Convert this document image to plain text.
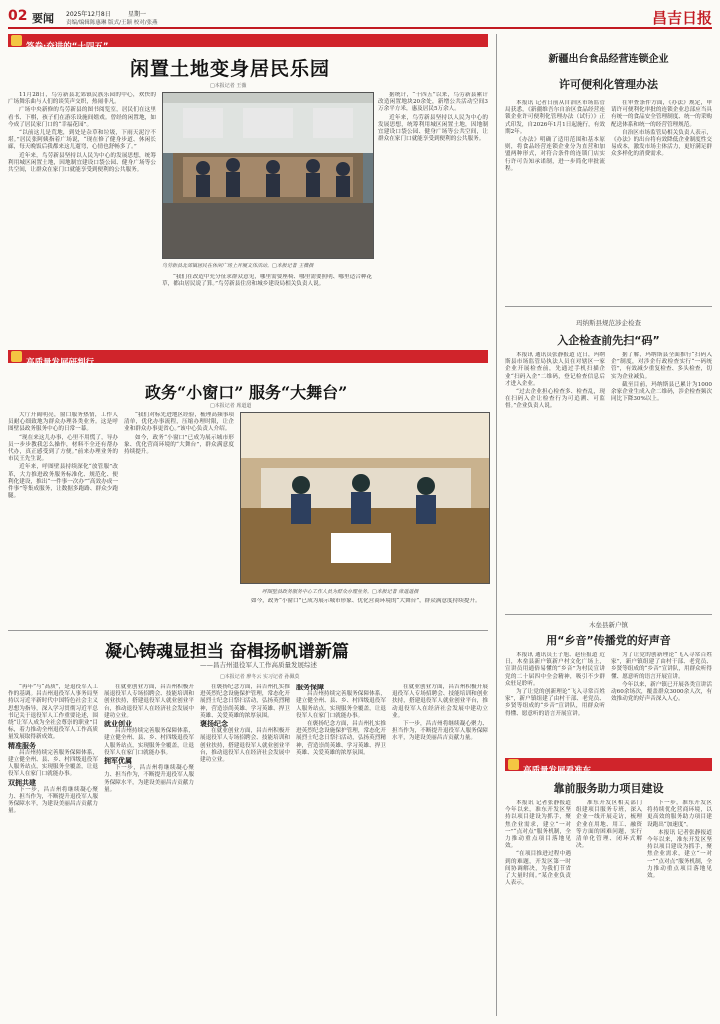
02 要闻 2025年12月8日	星期一
责编/编辑陈惠琳 版式/王颖 校对/张燕	昌吉日报
答卷·奋进的“十四五”
闲置土地变身居民乐园
□本报记者 王薇

11月28日，鸟劳新县北郊镇民族乐园的中心，欢快的广场舞乐曲与人们的谈笑声交织，热闹非凡。

广场中央新修的鸟劳新县的图书阅览室，居民们在这里看书、下棋，孩子们在游乐设施间嬉戏。曾经的闲置地，如今成了居民家门口的“幸福花园”。

“以前这儿是荒地，到处是杂草和垃圾，下雨天泥泞不堪。”居民张阿姨指着广场说，“现在修了健身步道、休闲长廊，每天晚饭后我都来这儿遛弯，心情也舒畅多了。”

近年来，鸟劳新县坚持以人民为中心的发展思想，统筹利用城区闲置土地，因地制宜建设口袋公园、健身广场等公共空间，让群众在家门口就能享受到便利的公共服务。

鸟劳新县北郊镇居民在休闲广场上开展文体活动。□本报记者 王薇摄

“我们在改造中充分征求群众意见，哪里需要座椅、哪里需要照明、哪里适合种花草，都由居民说了算。”鸟劳新县住房和城乡建设局相关负责人说。

据统计，“十四五”以来，鸟劳新县累计改造闲置地块20余处，新增公共活动空间3万余平方米，惠及居民5万余人。

近年来，鸟劳新县坚持以人民为中心的发展思想，统筹利用城区闲置土地，因地制宜建设口袋公园、健身广场等公共空间，让群众在家门口就能享受到便利的公共服务。

高质量发展研判行
政务“小窗口” 服务“大舞台”
□本报记者 席道道

大厅开阔明亮，窗口服务热情，工作人员耐心细致地为群众办理各类业务。这是呼图壁县政务服务中心的日常一幕。

“现在来这儿办事，心里不用慌了，导办员一步步教我怎么操作，材料不全还有帮办代办，真正感受到了方便。”前来办理业务的市民王先生说。

近年来，呼图壁县持续深化“放管服”改革，大力推进政务服务标准化、规范化、便利化建设，推出“一件事一次办”“高效办成一件事”等集成服务，让数据多跑路、群众少跑腿。

“我们对标先进地区经验，梳理高频事项清单，优化办事流程，压缩办理时限，让企业和群众办事更省心。”该中心负责人介绍。

如今，政务“小窗口”已成为展示城市形象、优化营商环境的“大舞台”，群众满意度持续提升。

呼图壁县政务服务中心工作人员为群众办理业务。□本报记者 席道道摄

如今，政务“小窗口”已成为展示城市形象、优化营商环境的“大舞台”，群众满意度持续提升。

凝心铸魂显担当 奋楫扬帆谱新篇
——昌吉州退役军人工作高质量发展综述
□本报记者 廖冬云 实习记者 孙佩莫

“再年”与“高质”，是退役军人工作的基调。昌吉州退役军人事务局坚持以习近平新时代中国特色社会主义思想为指导，深入学习贯彻习近平总书记关于退役军人工作重要论述，围绕“让军人成为全社会尊崇的职业”目标，着力推动全州退役军人工作高质量发展取得新成效。

精准服务

昌吉州持续完善服务保障体系，建立健全州、县、乡、村四级退役军人服务站点，实现服务全覆盖，让退役军人在家门口就能办事。

双拥共建

下一步，昌吉州将继续凝心聚力、担当作为，不断提升退役军人服务保障水平，为建设美丽昌吉贡献力量。

在就业创业方面，昌吉州积极开展退役军人专场招聘会、技能培训和创业扶持，搭建退役军人就业创业平台，推动退役军人在经济社会发展中建功立业。

就业创业

昌吉州持续完善服务保障体系，建立健全州、县、乡、村四级退役军人服务站点，实现服务全覆盖，让退役军人在家门口就能办事。

拥军优属

下一步，昌吉州将继续凝心聚力、担当作为，不断提升退役军人服务保障水平，为建设美丽昌吉贡献力量。

在褒扬纪念方面，昌吉州扎实推进英烈纪念设施保护管理，常态化开展烈士纪念日祭扫活动，弘扬英烈精神，营造崇尚英雄、学习英雄、捍卫英雄、关爱英雄的浓厚氛围。

褒扬纪念

在就业创业方面，昌吉州积极开展退役军人专场招聘会、技能培训和创业扶持，搭建退役军人就业创业平台，推动退役军人在经济社会发展中建功立业。

服务保障

昌吉州持续完善服务保障体系，建立健全州、县、乡、村四级退役军人服务站点，实现服务全覆盖，让退役军人在家门口就能办事。

在褒扬纪念方面，昌吉州扎实推进英烈纪念设施保护管理，常态化开展烈士纪念日祭扫活动，弘扬英烈精神，营造崇尚英雄、学习英雄、捍卫英雄、关爱英雄的浓厚氛围。

在就业创业方面，昌吉州积极开展退役军人专场招聘会、技能培训和创业扶持，搭建退役军人就业创业平台，推动退役军人在经济社会发展中建功立业。

下一步，昌吉州将继续凝心聚力、担当作为，不断提升退役军人服务保障水平，为建设美丽昌吉贡献力量。

新疆出台食品经营连锁企业
许可便利化管理办法

本报讯 记者日前从自治区市场监管局获悉，《新疆维吾尔自治区食品经营连锁企业许可便利化管理办法（试行）》正式印发，自2026年1月1日起施行，有效期2年。

《办法》明确了适用范围和基本原则，将食品经营连锁企业分为直营和加盟两种形式，对符合条件的连锁门店实行许可告知承诺制，进一步简化审批流程。

在审查条件方面，《办法》规定，申请许可便利化审批的连锁企业总部应当具有统一的食品安全管理制度、统一的采购配送体系和统一的经营管理规范。

自治区市场监管局相关负责人表示，《办法》的出台将有效降低企业制度性交易成本，激发市场主体活力，更好满足群众多样化的消费需求。

玛纳斯县规范涉企检查
入企检查前先扫“码”

本报讯 通讯员张静报道 近日，玛纳斯县市场监管局执法人员在对辖区一家企业开展检查前，先通过手机扫描企业“扫码入企”二维码，登记检查信息后才进入企业。

“过去企业担心检查多、检查乱，现在扫码入企让检查行为可追溯、可监督。”企业负责人说。

据了解，玛纳斯县全面推行“扫码入企”制度，对涉企行政检查实行“一码统管”，有效减少重复检查、多头检查，切实为企业减负。

截至目前，玛纳斯县已累计为1000余家企业生成入企二维码，涉企检查频次同比下降30%以上。

木垒县新户镇
用“乡音”传播党的好声音

本报讯 通讯员王子旭、赵佳报道 近日，木垒县新户镇新户村文化广场上，宣讲员用通俗易懂的“乡音”为村民宣讲党的二十届四中全会精神，吸引不少群众驻足聆听。

为了让党的创新理论“飞入寻常百姓家”，新户镇组建了由村干部、老党员、乡贤等组成的“乡音”宣讲队，用群众听得懂、愿意听的语言开展宣讲。

为了让党的创新理论“飞入寻常百姓家”，新户镇组建了由村干部、老党员、乡贤等组成的“乡音”宣讲队，用群众听得懂、愿意听的语言开展宣讲。

今年以来，新户镇已开展各类宣讲活动60余场次，覆盖群众3000余人次，有效推动党的好声音深入人心。

高质量发展看准东
靠前服务助力项目建设

本报讯 记者张静报道 今年以来，准东开发区坚持以项目建设为抓手，聚焦企业需求，建立“一对一”“点对点”服务机制，全力推动重点项目落地见效。

“在项目推进过程中遇到的难题，开发区第一时间协调解决，为我们节省了大量时间。”某企业负责人表示。

准东开发区相关部门组建项目服务专班，深入企业一线开展走访，梳理企业在用地、用工、融资等方面的困难问题，实行清单化管理、闭环式解决。

下一步，准东开发区将持续优化营商环境，以更高效的服务助力项目建设跑出“加速度”。

本报讯 记者张静报道 今年以来，准东开发区坚持以项目建设为抓手，聚焦企业需求，建立“一对一”“点对点”服务机制，全力推动重点项目落地见效。
